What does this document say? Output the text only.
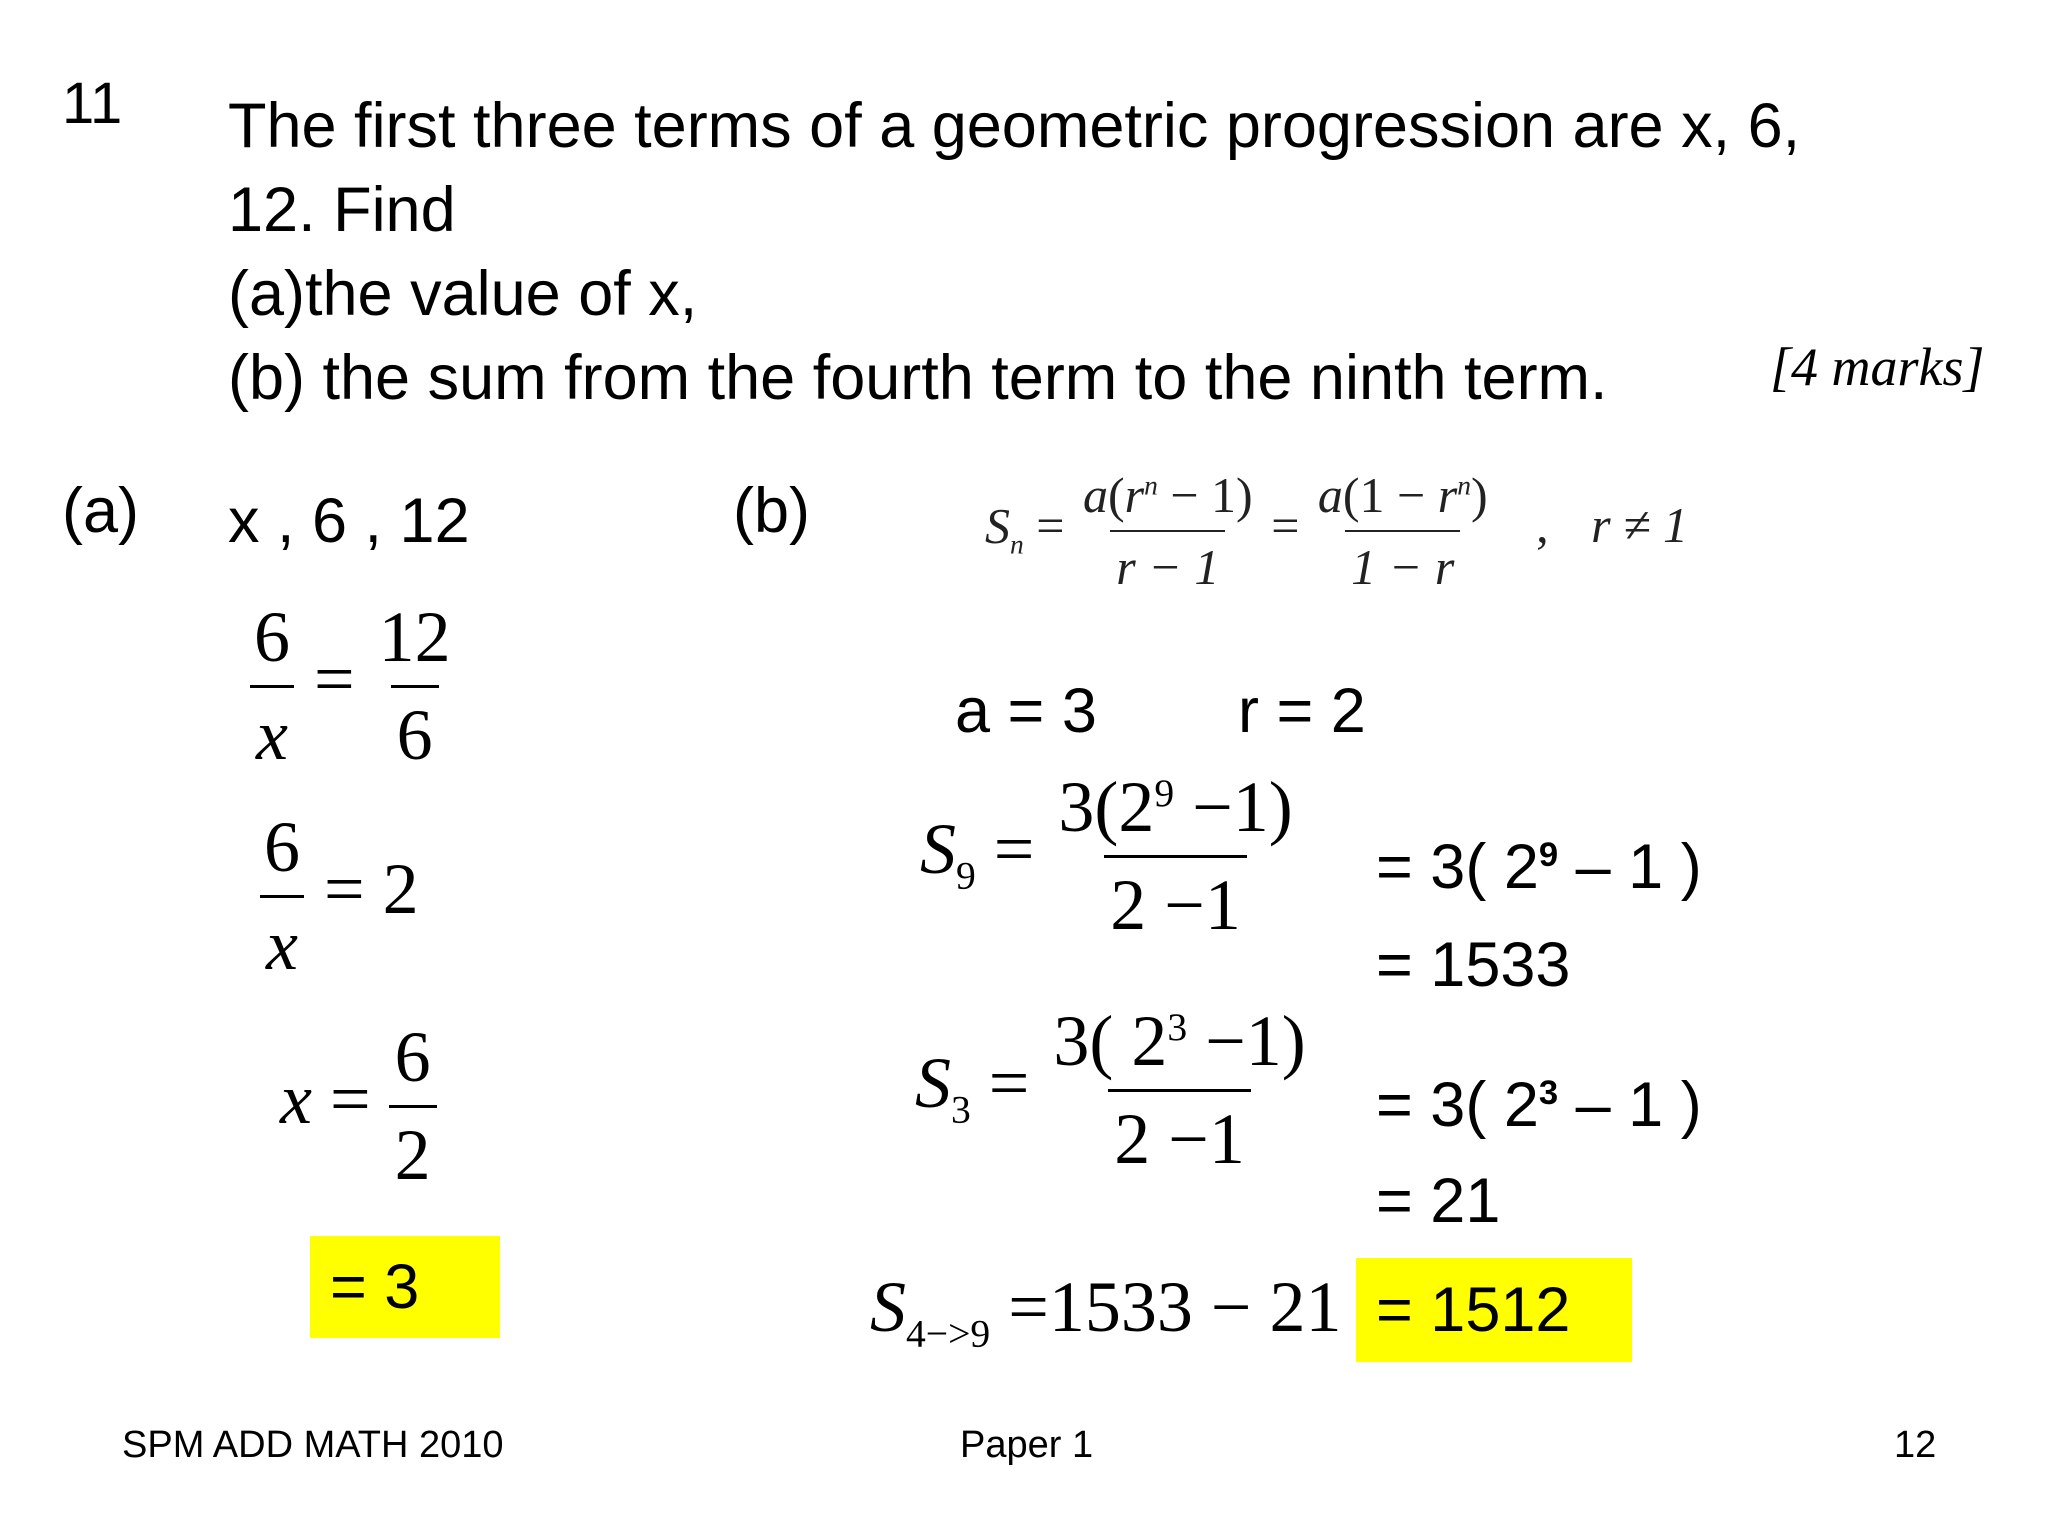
11 The first three terms of a geometric progression are x, 6,
12. Find
(a)the value of x,
(b) the sum from the fourth term to the ninth term.	[4 marks]
(a) x , 6 , 12
$\frac{6}{x} = \frac{12}{6}$
$\frac{6}{x} = 2$
$x = \frac{6}{2}$
= 3
(b)	$S_n = \frac{a(r^n - 1)}{r - 1} = \frac{a(1 - r^n)}{1 - r}$ , r ≠ 1
a = 3 r = 2
$S_9 = \frac{3(2^9 -1)}{2 -1} = 3$( $2^9 - 1$ )
= 1533
$S_3 = \frac{3( 2^3 -1)}{2 -1} = 3$( $2^3 - 1$ )
= 21
$S_{4->9} =1533 - 21 = 1512$
SPM ADD MATH 2010	Paper 1	12
